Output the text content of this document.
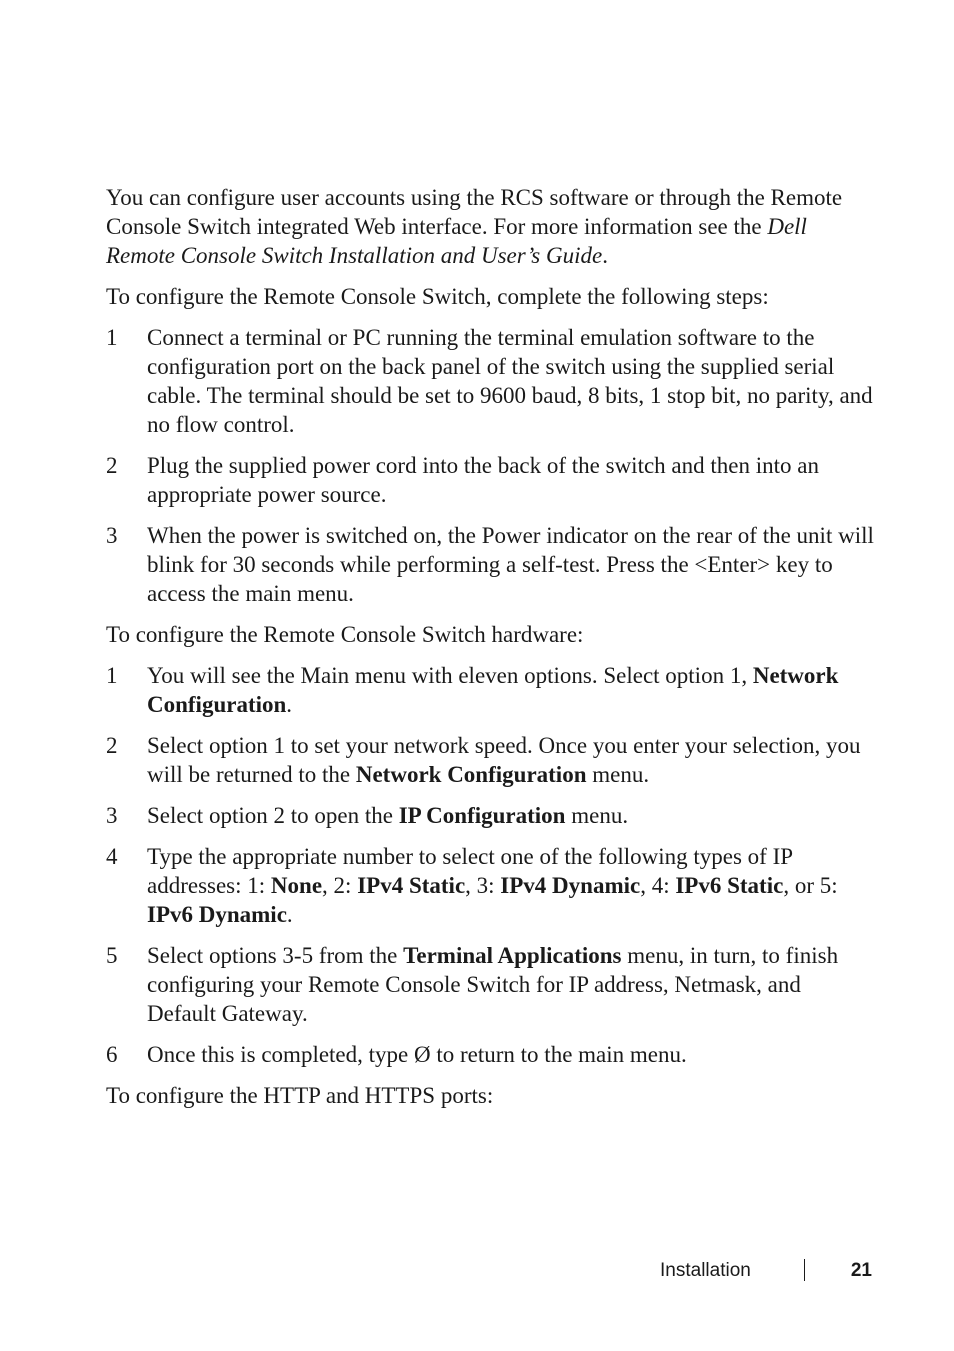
You can configure user accounts using the RCS software or through the Remote Console Switch integrated Web interface. For more information see the Dell Remote Console Switch Installation and User’s Guide.

To configure the Remote Console Switch, complete the following steps:

1 Connect a terminal or PC running the terminal emulation software to the configuration port on the back panel of the switch using the supplied serial cable. The terminal should be set to 9600 baud, 8 bits, 1 stop bit, no parity, and no flow control.
2 Plug the supplied power cord into the back of the switch and then into an appropriate power source.
3 When the power is switched on, the Power indicator on the rear of the unit will blink for 30 seconds while performing a self-test. Press the <Enter> key to access the main menu.

To configure the Remote Console Switch hardware:

1 You will see the Main menu with eleven options. Select option 1, Network Configuration.
2 Select option 1 to set your network speed. Once you enter your selection, you will be returned to the Network Configuration menu.
3 Select option 2 to open the IP Configuration menu.
4 Type the appropriate number to select one of the following types of IP addresses: 1: None, 2: IPv4 Static, 3: IPv4 Dynamic, 4: IPv6 Static, or 5: IPv6 Dynamic.
5 Select options 3-5 from the Terminal Applications menu, in turn, to finish configuring your Remote Console Switch for IP address, Netmask, and Default Gateway.
6 Once this is completed, type Ø to return to the main menu.

To configure the HTTP and HTTPS ports:

Installation	21
